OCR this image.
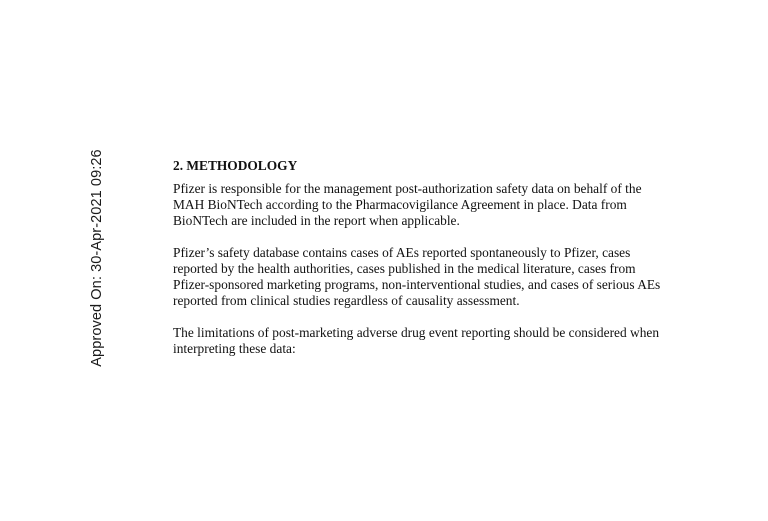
Approved On: 30-Apr-2021 09:26	2. METHODOLOGY
Pfizer is responsible for the management post-authorization safety data on behalf of the
MAH BioNTech according to the Pharmacovigilance Agreement in place. Data from
BioNTech are included in the report when applicable.
Pfizer’s safety database contains cases of AEs reported spontaneously to Pfizer, cases
reported by the health authorities, cases published in the medical literature, cases from
Pfizer-sponsored marketing programs, non-interventional studies, and cases of serious AEs
reported from clinical studies regardless of causality assessment.
The limitations of post-marketing adverse drug event reporting should be considered when
interpreting these data:
